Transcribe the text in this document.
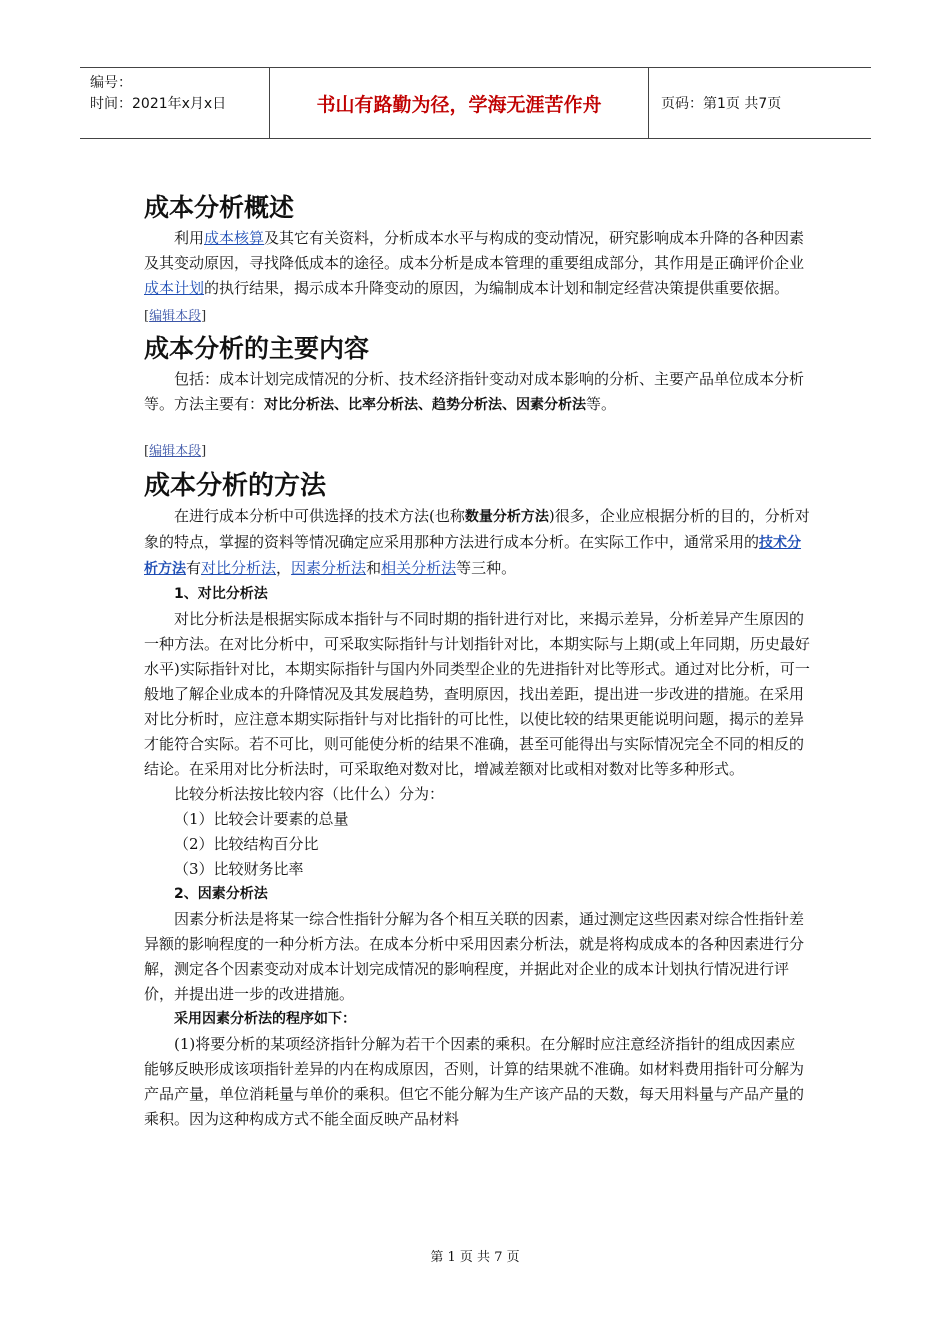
编号：
时间：2021年x月x日	书山有路勤为径，学海无涯苦作舟	页码：第1页 共7页
成本分析概述

利用成本核算及其它有关资料，分析成本水平与构成的变动情况，研究影响成本升降的各种因素及其变动原因，寻找降低成本的途径。成本分析是成本管理的重要组成部分，其作用是正确评价企业成本计划的执行结果，揭示成本升降变动的原因，为编制成本计划和制定经营决策提供重要依据。

[编辑本段]
成本分析的主要内容

包括：成本计划完成情况的分析、技术经济指针变动对成本影响的分析、主要产品单位成本分析等。方法主要有：对比分析法、比率分析法、趋势分析法、因素分析法等。

[编辑本段]
成本分析的方法

在进行成本分析中可供选择的技术方法(也称数量分析方法)很多，企业应根据分析的目的，分析对象的特点，掌握的资料等情况确定应采用那种方法进行成本分析。在实际工作中，通常采用的技术分析方法有对比分析法，因素分析法和相关分析法等三种。

1、对比分析法

对比分析法是根据实际成本指针与不同时期的指针进行对比，来揭示差异，分析差异产生原因的一种方法。在对比分析中，可采取实际指针与计划指针对比，本期实际与上期(或上年同期，历史最好水平)实际指针对比，本期实际指针与国内外同类型企业的先进指针对比等形式。通过对比分析，可一般地了解企业成本的升降情况及其发展趋势，查明原因，找出差距，提出进一步改进的措施。在采用对比分析时，应注意本期实际指针与对比指针的可比性，以使比较的结果更能说明问题，揭示的差异才能符合实际。若不可比，则可能使分析的结果不准确，甚至可能得出与实际情况完全不同的相反的结论。在采用对比分析法时，可采取绝对数对比，增减差额对比或相对数对比等多种形式。

比较分析法按比较内容（比什么）分为：

（1）比较会计要素的总量

（2）比较结构百分比

（3）比较财务比率

2、因素分析法

因素分析法是将某一综合性指针分解为各个相互关联的因素，通过测定这些因素对综合性指针差异额的影响程度的一种分析方法。在成本分析中采用因素分析法，就是将构成成本的各种因素进行分解，测定各个因素变动对成本计划完成情况的影响程度，并据此对企业的成本计划执行情况进行评价，并提出进一步的改进措施。

采用因素分析法的程序如下：

(1)将要分析的某项经济指针分解为若干个因素的乘积。在分解时应注意经济指针的组成因素应能够反映形成该项指针差异的内在构成原因，否则，计算的结果就不准确。如材料费用指针可分解为产品产量，单位消耗量与单价的乘积。但它不能分解为生产该产品的天数，每天用料量与产品产量的乘积。因为这种构成方式不能全面反映产品材料

第 1 页 共 7 页
